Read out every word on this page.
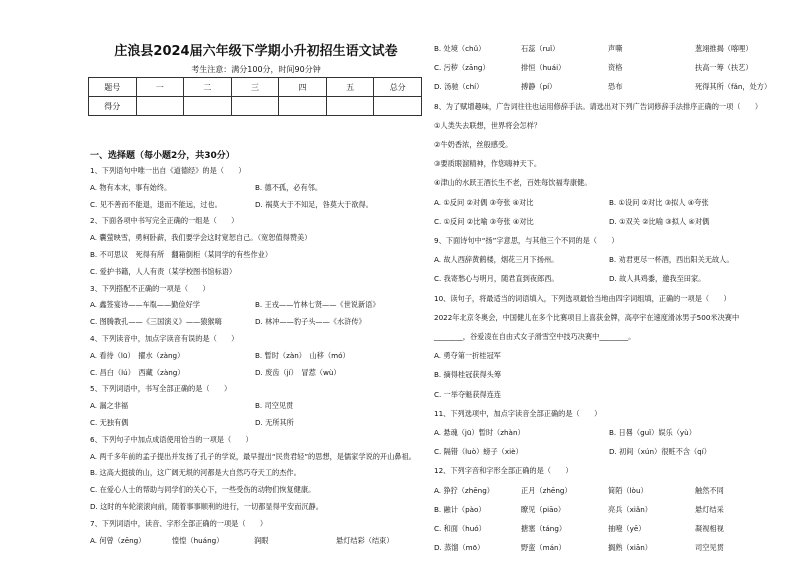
庄浪县2024届六年级下学期小升初招生语文试卷
考生注意：满分100分，时间90分钟
题号	一	二	三	四	五	总分
得分						
一、选择题（每小题2分，共30分）
1、下列语句中唯一出自《道德经》的是（　　）
A. 物有本末，事有始终。	B. 德不孤，必有邻。
C. 见不善而不能退，退而不能远，过也。	D. 祸莫大于不知足，咎莫大于欲得。
2、下面各项中书写完全正确的一组是（　　）
A. 囊萤映雪，勇柯卧薪，我们要学会这时宽恕自己。（宽恕值得赞美）
B. 不可思议　死得有所　翻箱倒柜（某同学的有些作业）
C. 爱护书籍，人人有责（某学校图书馆标语）
3、下列搭配不正确的一项是（　　）
A. 鑫签宴诗——车胤——勤俭好学	B. 王戎——竹林七贤——《世说新语》
C. 图腾教孔——《三国演义》——猿猴嗨	D. 林冲——豹子头——《水浒传》
4、下列读音中，加点字读音有误的是（　　）
A. 看待（lū）　擢水（zàng）	B. 暂时（zàn）　山移（mó）
C. 昌白（lú）　西藏（zàng）	D. 废齿（jí）　冒惹（wù）
5、下列词语中，书写全部正确的是（　　）
A. 漏之非福	B. 司空见贯
C. 无独有偶	D. 无所其所
6、下列句子中加点成语使用恰当的一项是（　　）
A. 两千多年前的孟子提出并发扬了孔子的学说，最早提出“民贵君轻”的思想，是儒家学说的开山鼻祖。
B. 这高大挺拔的山，这广阔无垠的河都是大自然巧夺天工的杰作。
C. 在爱心人士的帮助与同学们的关心下，一些受伤的动物们恢复健康。
D. 这时的车轮滚滚向前，随着事事顺利的进行，一切都显得平安而沉静。
7、下列词语中，读音、字形全部正确的一项是（　　）
A. 何曾（zēng）	惶惶（huáng）	润眼	悬灯结彩（结束）
B. 处境（chǔ）	石蕊（ruǐ）	声嘶	葱翊推揭（喀哩）
C. 污秽（zāng）	排恒（huái）	资格	扶高一筹（扶艺）
D. 汤驰（chí）	搏静（pí）	恐布	死得其所（fǎn，处方）
8、为了赋增趣味，广告词往往也运用修辞手法。请选出对下列广告词修辞手法排序正确的一项（　　）
①人类失去联想，世界将会怎样？
②牛奶香浓，丝般感受。
③要质眼溜精神，作您嗨神天下。
④津山的水跃王酒长生不老，百姓每饮福寿康健。
A. ①反问 ②对偶 ③夸张 ④对比	B. ①设问 ②对比 ③拟人 ④夸张
C. ①反问 ②比喻 ③夸张 ④对比	D. ①双关 ②比喻 ③拟人 ④对偶
9、下面诗句中“扬”字意思，与其他三个不同的是（　　）
A. 故人西辞黄鹤楼，烟花三月下扬州。	B. 劝君更尽一杯酒，西出阳关无故人。
C. 我寄愁心与明月，随君直到夜郎西。	D. 故人具鸡黍，邀我至田家。
10、读句子，将最适当的词语填入，下列选项最恰当地由四字词组填，正确的一项是（　　）
2022年北京冬奥会，中国健儿在多个比赛项目上喜获金牌，高亭宇在速度滑冰男子500米决赛中
________，谷爱凌在自由式女子滑雪空中技巧决赛中________。
A. 勇夺第一折桂冠军
B. 摘得桂冠获得头筹
C. 一举夺魁获得连连
11、下列选项中，加点字读音全部正确的是（　　）
A. 悬魂（jū）暂时（zhàn）	B. 日晷（guǐ）娱乐（yù）
C. 隔错（luò）螃子（xiè）	D. 初间（xún）很赃不含（qí）
12、下列字音和字形全部正确的是（　　）
A. 狰狞（zhēng）	正月（zhēng）	简陌（lòu）	触然不同
B. 融计（pào）	瞭见（piāo）	亮兵（xiǎn）	悬灯结采
C. 和面（huó）	搪塞（táng）	抽噎（yē）	凝视相视
D. 蒸馏（mō）	野蛮（mán）	搁熟（xiān）	司空见贯
